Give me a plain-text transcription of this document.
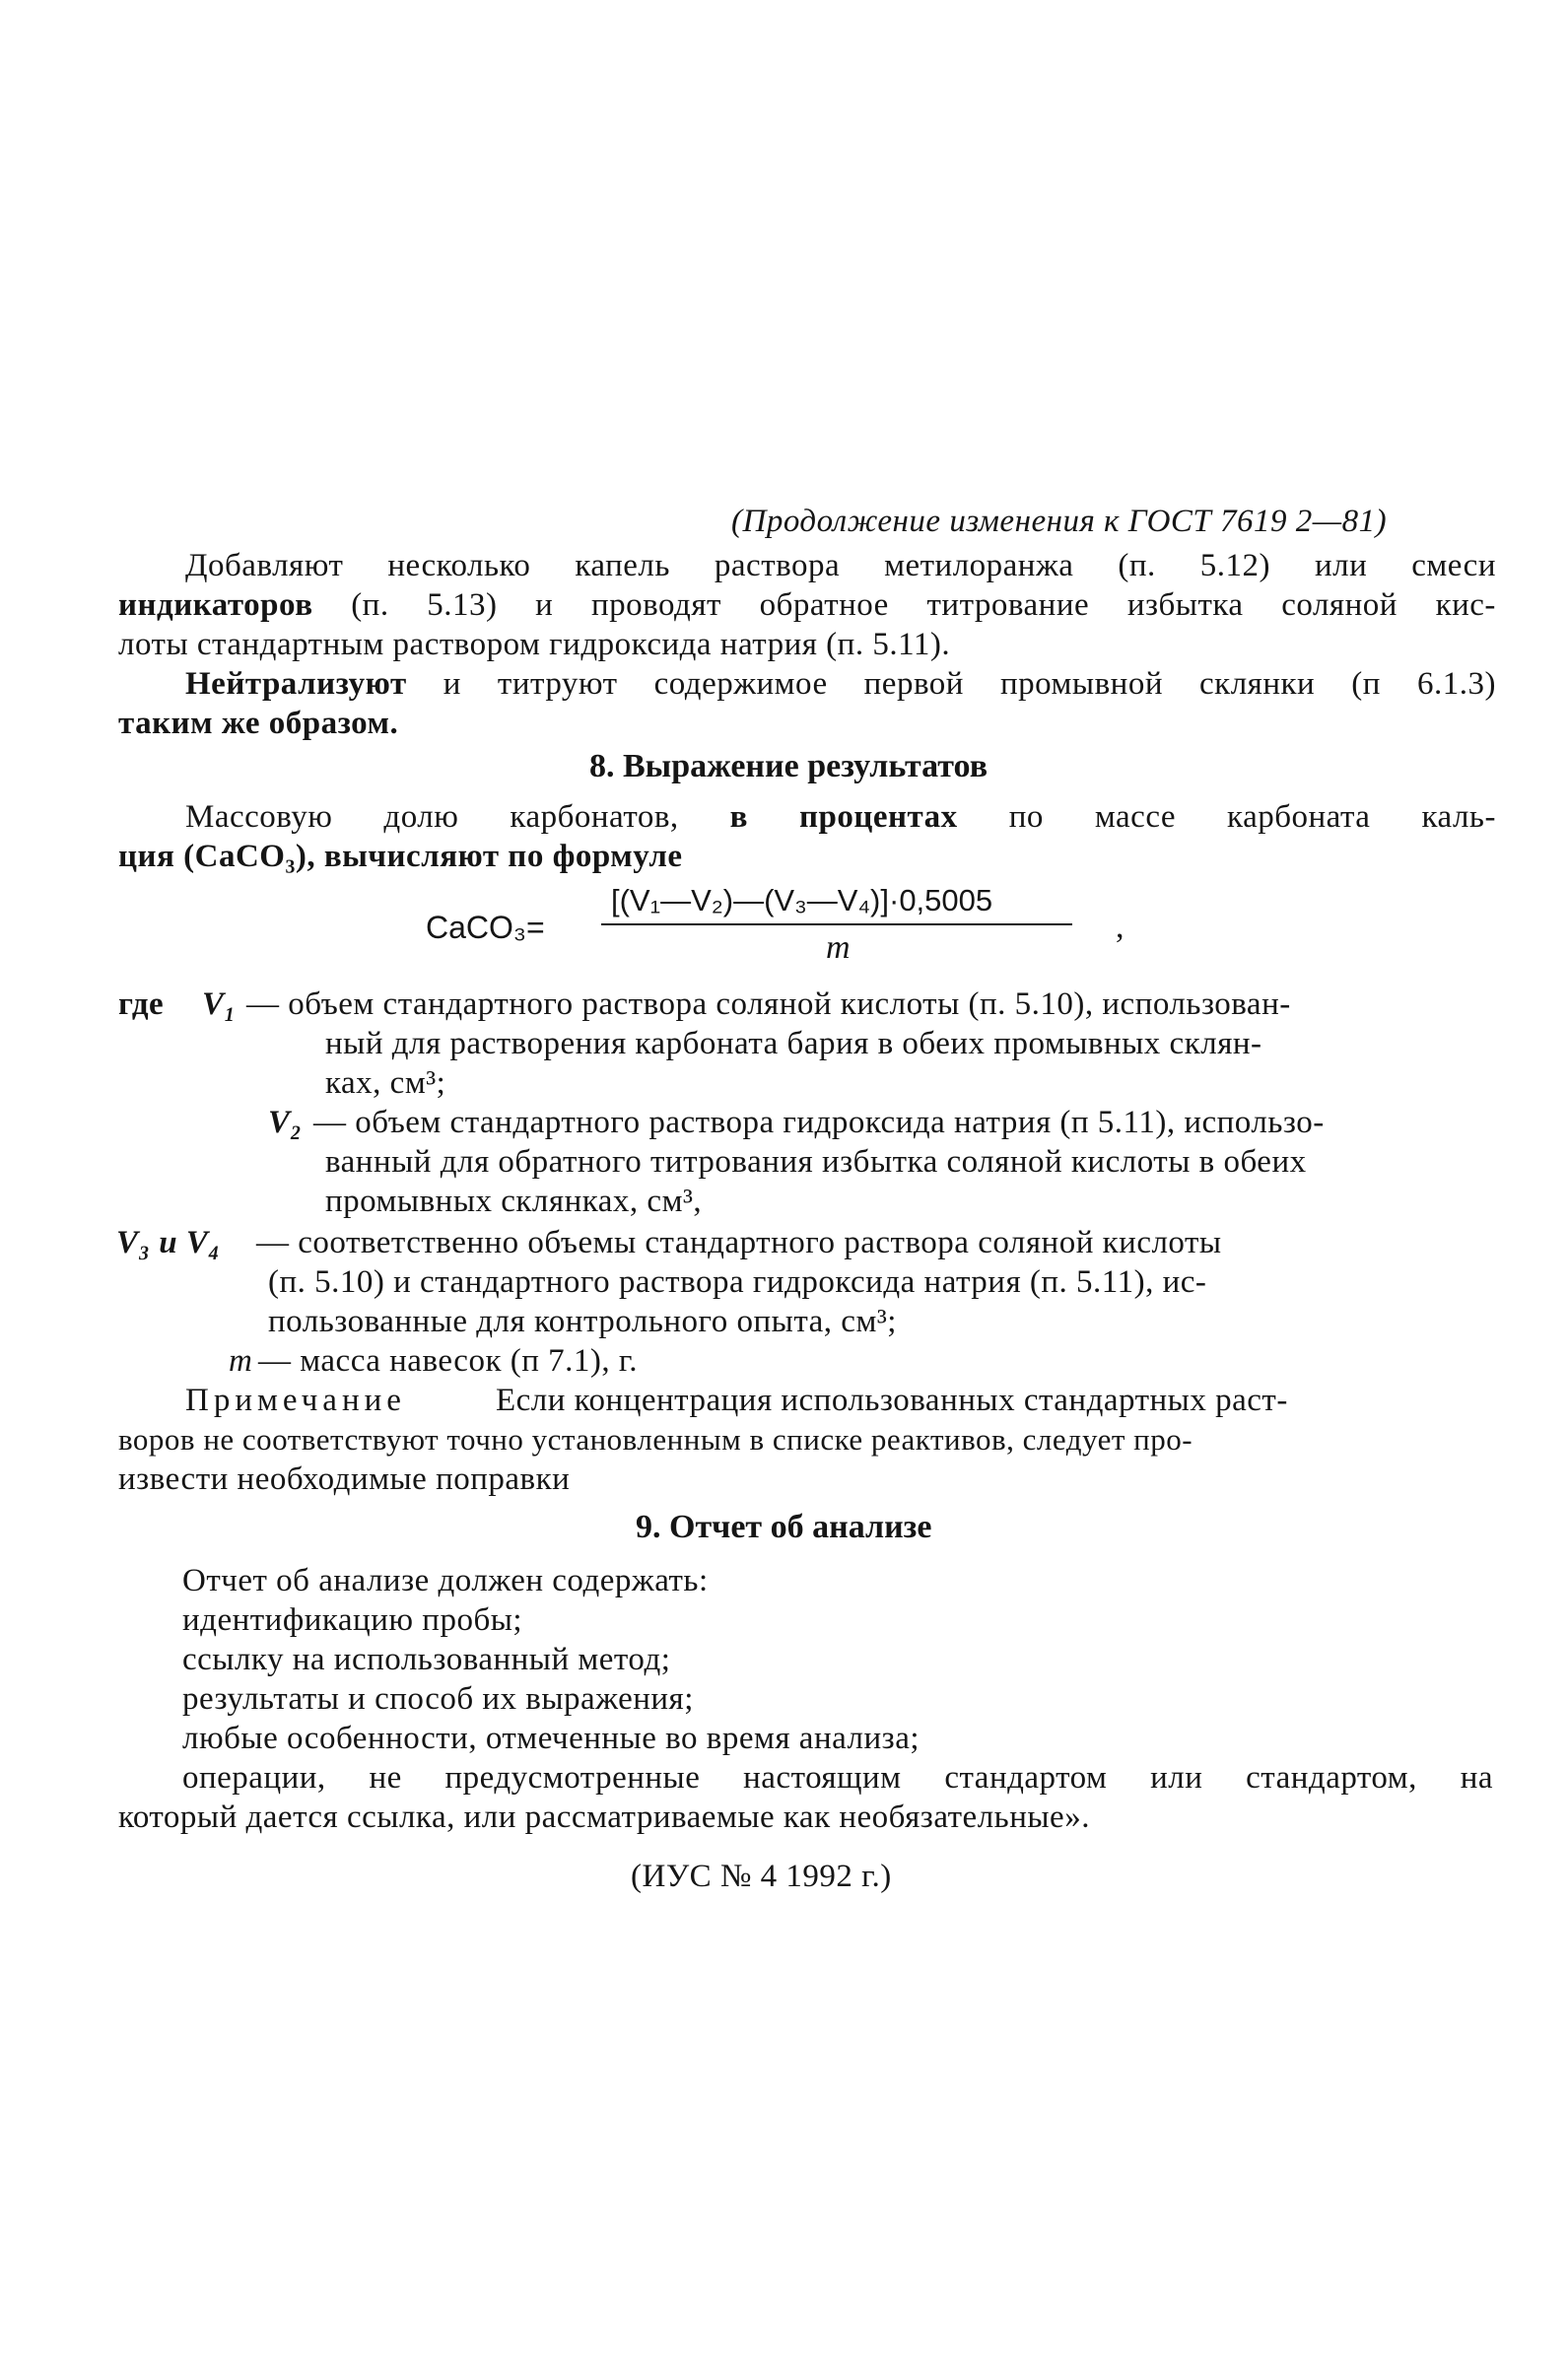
(Продолжение изменения к ГОСТ 7619 2—81)
Добавляют несколько капель раствора метилоранжа (п. 5.12) или смеси
индикаторов (п. 5.13) и проводят обратное титрование избытка соляной кис-
лоты стандартным раствором гидроксида натрия (п. 5.11).
Нейтрализуют и титруют содержимое первой промывной склянки (п 6.1.3)
таким же образом.
8. Выражение результатов
Массовую долю карбонатов, в процентах по массе карбоната каль-
ция (CaCO₃), вычисляют по формуле
CaCO₃=
[(V₁—V₂)—(V₃—V₄)]·0,5005
m
,
где V₁ — объем стандартного раствора соляной кислоты (п. 5.10), использован-
ный для растворения карбоната бария в обеих промывных склян-
ках, см³;
V₂ — объем стандартного раствора гидроксида натрия (п 5.11), использо-
ванный для обратного титрования избытка соляной кислоты в обеих
промывных склянках, см³,
V₃ и V₄ — соответственно объемы стандартного раствора соляной кислоты
(п. 5.10) и стандартного раствора гидроксида натрия (п. 5.11), ис-
пользованные для контрольного опыта, см³;
m — масса навесок (п 7.1), г.
Примечание	Если концентрация использованных стандартных раст-
воров не соответствуют точно установленным в списке реактивов, следует про-
извести необходимые поправки
9. Отчет об анализе
Отчет об анализе должен содержать:
идентификацию пробы;
ссылку на использованный метод;
результаты и способ их выражения;
любые особенности, отмеченные во время анализа;
операции, не предусмотренные настоящим стандартом или стандартом, на
который дается ссылка, или рассматриваемые как необязательные».
(ИУС № 4 1992 г.)
